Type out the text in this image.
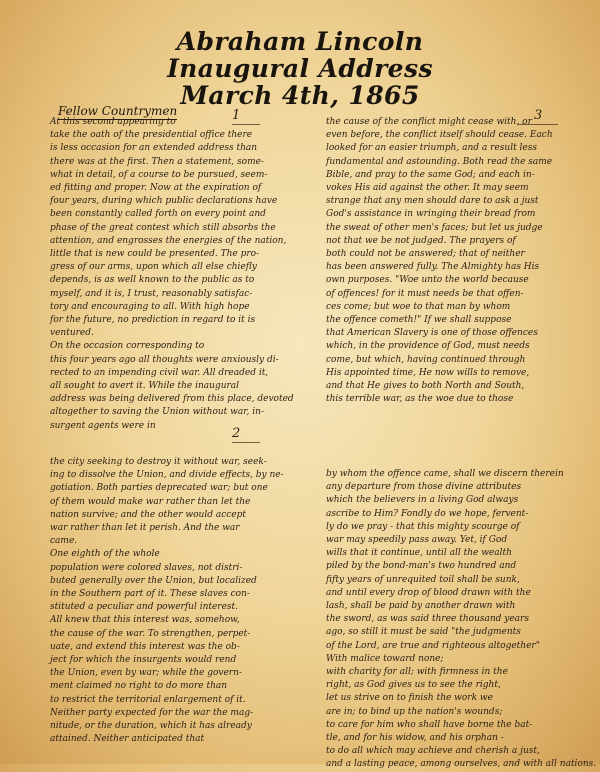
Abraham Lincoln
Inaugural Address
March 4th, 1865
Fellow Countrymen	1
2
3
At this second appearing to
take the oath of the presidential office there
is less occasion for an extended address than
there was at the first. Then a statement, some-
what in detail, of a course to be pursued, seem-
ed fitting and proper. Now at the expiration of
four years, during which public declarations have
been constantly called forth on every point and
phase of the great contest which still absorbs the
attention, and engrosses the energies of the nation,
little that is new could be presented. The pro-
gress of our arms, upon which all else chiefly
depends, is as well known to the public as to
myself, and it is, I trust, reasonably satisfac-
tory and encouraging to all. With high hope
for the future, no prediction in regard to it is
ventured.
On the occasion corresponding to
this four years ago all thoughts were anxiously di-
rected to an impending civil war. All dreaded it,
all sought to avert it. While the inaugural
address was being delivered from this place, devoted
altogether to saving the Union without war, in-
surgent agents were in
the city seeking to destroy it without war, seek-
ing to dissolve the Union, and divide effects, by ne-
gotiation. Both parties deprecated war; but one
of them would make war rather than let the
nation survive; and the other would accept
war rather than let it perish. And the war
came.
One eighth of the whole
population were colored slaves, not distri-
buted generally over the Union, but localized
in the Southern part of it. These slaves con-
stituted a peculiar and powerful interest.
All knew that this interest was, somehow,
the cause of the war. To strengthen, perpet-
uate, and extend this interest was the ob-
ject for which the insurgents would rend
the Union, even by war; while the govern-
ment claimed no right to do more than
to restrict the territorial enlargement of it.
Neither party expected for the war the mag-
nitude, or the duration, which it has already
attained. Neither anticipated that
the cause of the conflict might cease with, or
even before, the conflict itself should cease. Each
looked for an easier triumph, and a result less
fundamental and astounding. Both read the same
Bible, and pray to the same God; and each in-
vokes His aid against the other. It may seem
strange that any men should dare to ask a just
God's assistance in wringing their bread from
the sweat of other men's faces; but let us judge
not that we be not judged. The prayers of
both could not be answered; that of neither
has been answered fully. The Almighty has His
own purposes. "Woe unto the world because
of offences! for it must needs be that offen-
ces come; but woe to that man by whom
the offence cometh!" If we shall suppose
that American Slavery is one of those offences
which, in the providence of God, must needs
come, but which, having continued through
His appointed time, He now wills to remove,
and that He gives to both North and South,
this terrible war, as the woe due to those
by whom the offence came, shall we discern therein
any departure from those divine attributes
which the believers in a living God always
ascribe to Him? Fondly do we hope, fervent-
ly do we pray - that this mighty scourge of
war may speedily pass away. Yet, if God
wills that it continue, until all the wealth
piled by the bond-man's two hundred and
fifty years of unrequited toil shall be sunk,
and until every drop of blood drawn with the
lash, shall be paid by another drawn with
the sword, as was said three thousand years
ago, so still it must be said "the judgments
of the Lord, are true and righteous altogether"
With malice toward none;
with charity for all; with firmness in the
right, as God gives us to see the right,
let us strive on to finish the work we
are in; to bind up the nation's wounds;
to care for him who shall have borne the bat-
tle, and for his widow, and his orphan -
to do all which may achieve and cherish a just,
and a lasting peace, among ourselves, and with all nations.
